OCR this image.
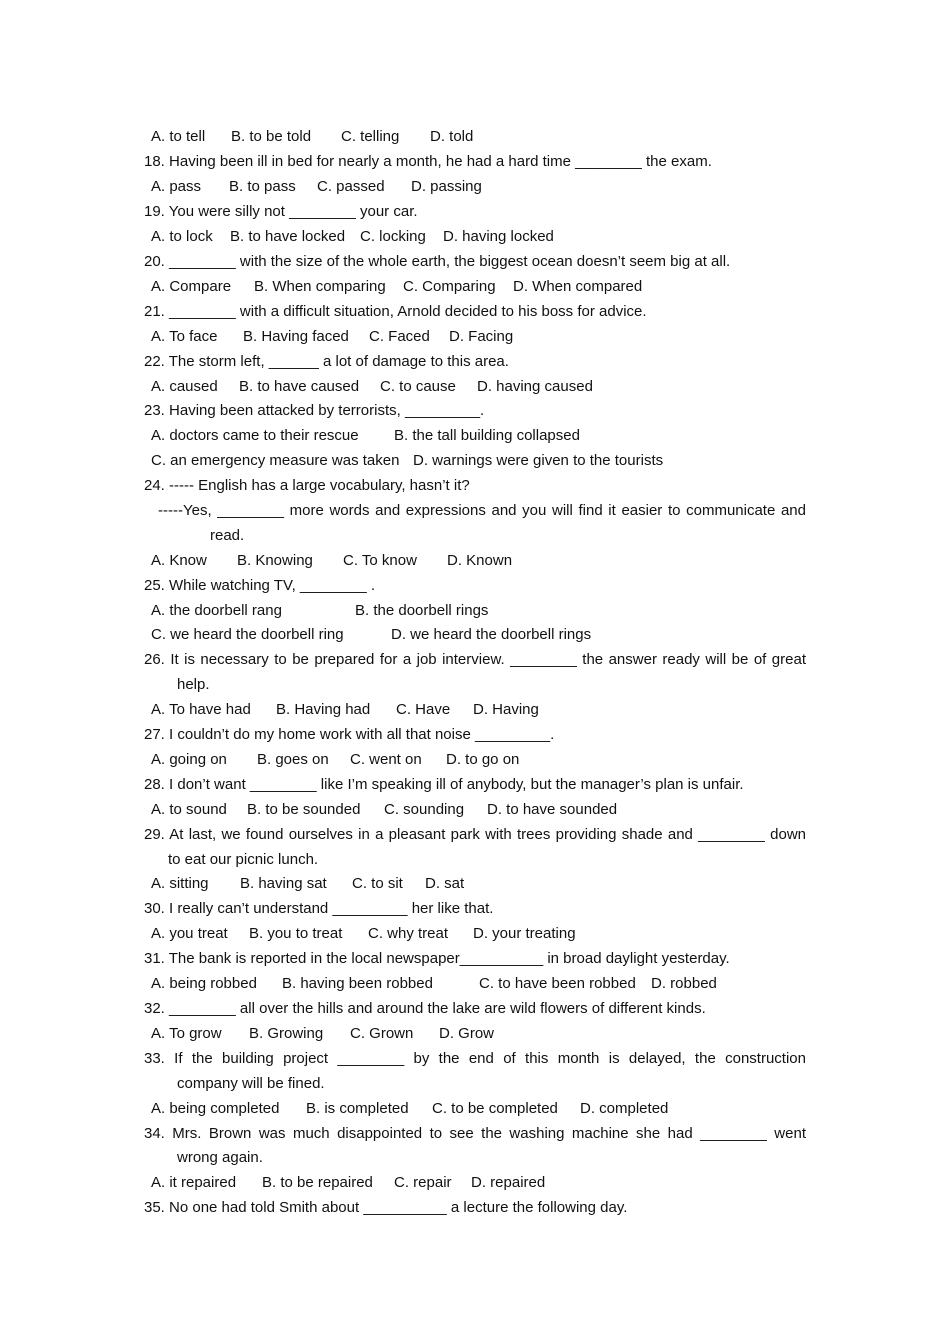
A. to tell B. to be told C. telling D. told
18. Having been ill in bed for nearly a month, he had a hard time ________ the exam.
A. pass B. to pass C. passed D. passing
19. You were silly not ________ your car.
A. to lock B. to have locked C. locking D. having locked
20. ________ with the size of the whole earth, the biggest ocean doesn’t seem big at all.
A. Compare B. When comparing C. Comparing D. When compared
21. ________ with a difficult situation, Arnold decided to his boss for advice.
A. To face B. Having faced C. Faced D. Facing
22. The storm left, ______ a lot of damage to this area.
A. caused B. to have caused C. to cause D. having caused
23. Having been attacked by terrorists, _________.
A. doctors came to their rescue B. the tall building collapsed
C. an emergency measure was taken D. warnings were given to the tourists
24. ----- English has a large vocabulary, hasn’t it?
-----Yes, ________ more words and expressions and you will find it easier to communicate and
read.
A. Know B. Knowing C. To know D. Known
25. While watching TV, ________ .
A. the doorbell rang	B. the doorbell rings
C. we heard the doorbell ring	D. we heard the doorbell rings
26. It is necessary to be prepared for a job interview. ________ the answer ready will be of great
help.
A. To have had B. Having had C. Have D. Having
27. I couldn’t do my home work with all that noise _________.
A. going on B. goes on C. went on D. to go on
28. I don’t want ________ like I’m speaking ill of anybody, but the manager’s plan is unfair.
A. to sound B. to be sounded C. sounding D. to have sounded
29. At last, we found ourselves in a pleasant park with trees providing shade and ________ down
to eat our picnic lunch.
A. sitting B. having sat C. to sit D. sat
30. I really can’t understand _________ her like that.
A. you treat B. you to treat C. why treat D. your treating
31. The bank is reported in the local newspaper__________ in broad daylight yesterday.
A. being robbed B. having been robbed	C. to have been robbed D. robbed
32. ________ all over the hills and around the lake are wild flowers of different kinds.
A. To grow B. Growing C. Grown D. Grow
33. If the building project ________ by the end of this month is delayed, the construction
company will be fined.
A. being completed B. is completed C. to be completed D. completed
34. Mrs. Brown was much disappointed to see the washing machine she had ________ went
wrong again.
A. it repaired B. to be repaired C. repair D. repaired
35. No one had told Smith about __________ a lecture the following day.
